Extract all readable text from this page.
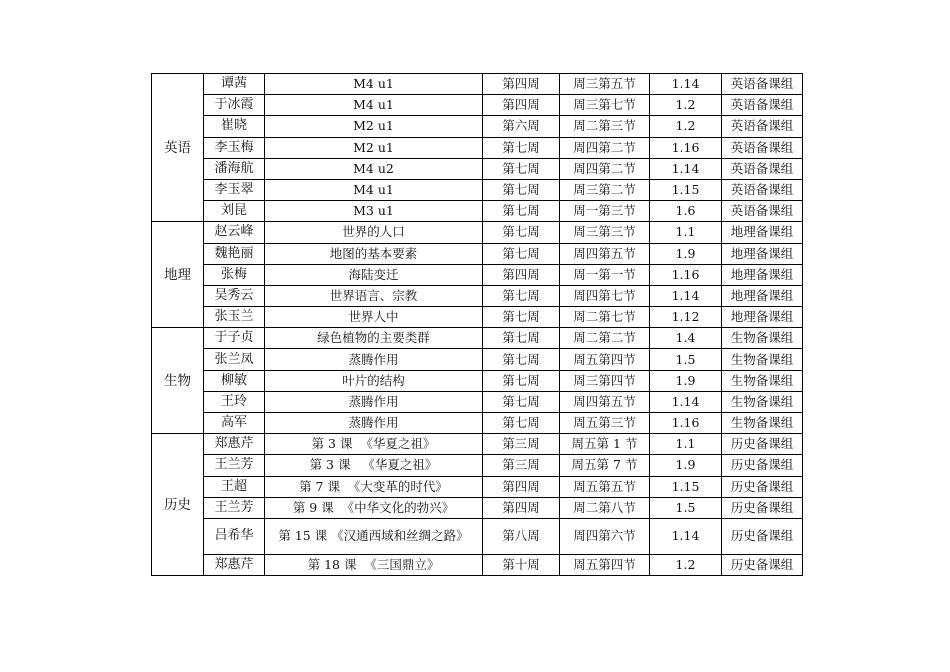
英语	谭茜	M4 u1	第四周	周三第五节	1.14	英语备课组
	于冰霞	M4 u1	第四周	周三第七节	1.2	英语备课组
	崔晓	M2 u1	第六周	周二第三节	1.2	英语备课组
	李玉梅	M2 u1	第七周	周四第二节	1.16	英语备课组
	潘海航	M4 u2	第七周	周四第二节	1.14	英语备课组
	李玉翠	M4 u1	第七周	周三第二节	1.15	英语备课组
	刘昆	M3 u1	第七周	周一第三节	1.6	英语备课组
地理	赵云峰	世界的人口	第七周	周三第三节	1.1	地理备课组
	魏艳丽	地图的基本要素	第七周	周四第五节	1.9	地理备课组
	张梅	海陆变迁	第四周	周一第一节	1.16	地理备课组
	吴秀云	世界语言、宗教	第七周	周四第七节	1.14	地理备课组
	张玉兰	世界人中	第七周	周二第七节	1.12	地理备课组
生物	于子贞	绿色植物的主要类群	第七周	周二第二节	1.4	生物备课组
	张兰凤	蒸腾作用	第七周	周五第四节	1.5	生物备课组
	柳敏	叶片的结构	第七周	周三第四节	1.9	生物备课组
	王玲	蒸腾作用	第七周	周四第五节	1.14	生物备课组
	高军	蒸腾作用	第七周	周五第三节	1.16	生物备课组
历史	郑惠芹	第 3 课  《华夏之祖》	第三周	周五第 1 节	1.1	历史备课组
	王兰芳	第 3 课   《华夏之祖》	第三周	周五第 7 节	1.9	历史备课组
	王超	第 7 课  《大变革的时代》	第四周	周五第五节	1.15	历史备课组
	王兰芳	第 9 课  《中华文化的勃兴》	第四周	周二第八节	1.5	历史备课组
	吕希华	第 15 课 《汉通西域和丝绸之路》	第八周	周四第六节	1.14	历史备课组
	郑惠芹	第 18 课  《三国鼎立》	第十周	周五第四节	1.2	历史备课组
